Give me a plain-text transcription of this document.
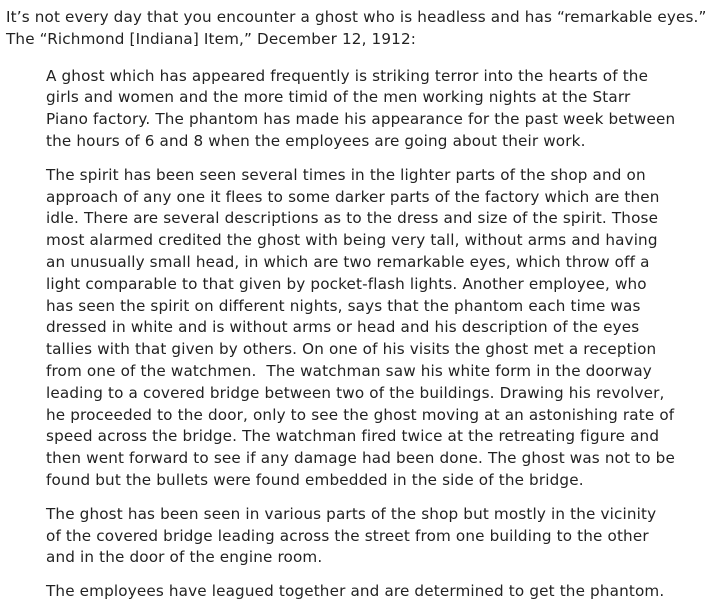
It’s not every day that you encounter a ghost who is headless and has “remarkable eyes.”
The “Richmond [Indiana] Item,” December 12, 1912:

A ghost which has appeared frequently is striking terror into the hearts of the
girls and women and the more timid of the men working nights at the Starr
Piano factory. The phantom has made his appearance for the past week between
the hours of 6 and 8 when the employees are going about their work.

The spirit has been seen several times in the lighter parts of the shop and on
approach of any one it flees to some darker parts of the factory which are then
idle. There are several descriptions as to the dress and size of the spirit. Those
most alarmed credited the ghost with being very tall, without arms and having
an unusually small head, in which are two remarkable eyes, which throw off a
light comparable to that given by pocket-flash lights. Another employee, who
has seen the spirit on different nights, says that the phantom each time was
dressed in white and is without arms or head and his description of the eyes
tallies with that given by others. On one of his visits the ghost met a reception
from one of the watchmen.  The watchman saw his white form in the doorway
leading to a covered bridge between two of the buildings. Drawing his revolver,
he proceeded to the door, only to see the ghost moving at an astonishing rate of
speed across the bridge. The watchman fired twice at the retreating figure and
then went forward to see if any damage had been done. The ghost was not to be
found but the bullets were found embedded in the side of the bridge.

The ghost has been seen in various parts of the shop but mostly in the vicinity
of the covered bridge leading across the street from one building to the other
and in the door of the engine room.

The employees have leagued together and are determined to get the phantom.
